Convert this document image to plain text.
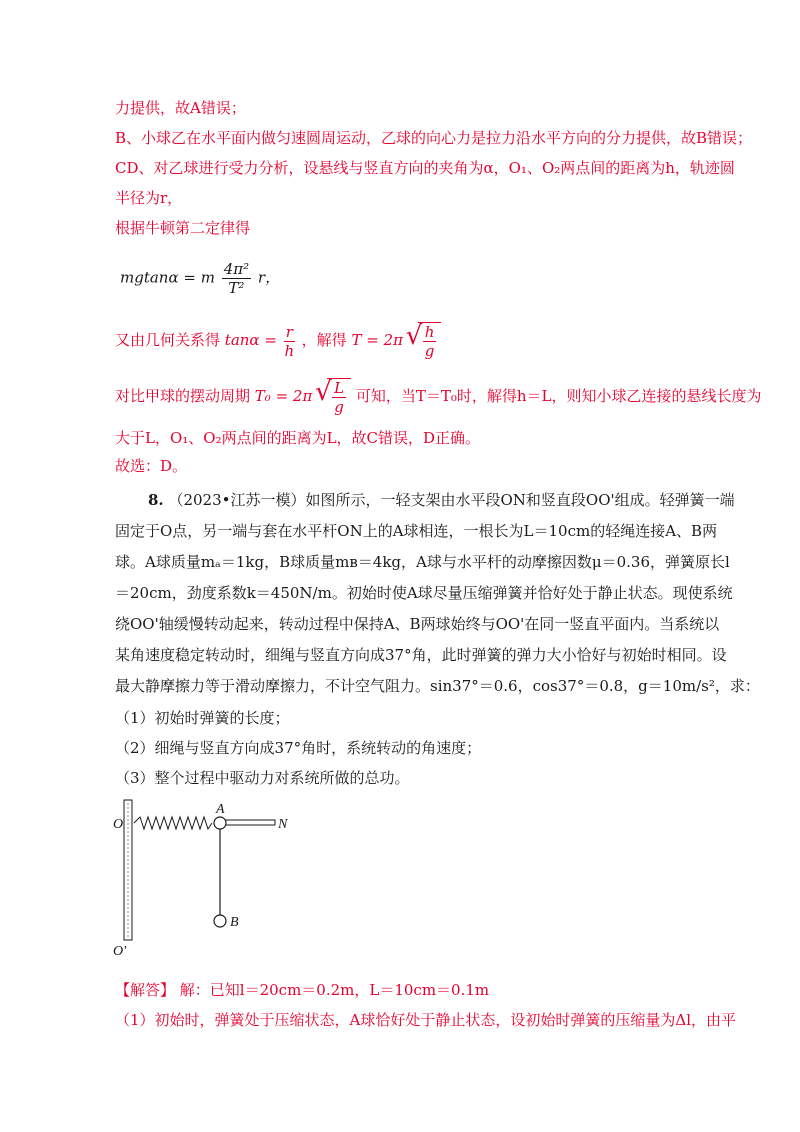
力提供，故A错误；
B、小球乙在水平面内做匀速圆周运动，乙球的向心力是拉力沿水平方向的分力提供，故B错误；
CD、对乙球进行受力分析，设悬线与竖直方向的夹角为α，O₁、O₂两点间的距离为h，轨迹圆
半径为r，
根据牛顿第二定律得
mgtanα = m $\frac{\text{4π²}}{\text{T²}}$ r，
又由几何关系得 $\tan\alpha = \frac{r}{h}$ ，解得 T = 2π √ $\frac{h}{g}$
对比甲球的摆动周期 T₀ = 2π √ $\frac{L}{g}$ 可知，当T＝T₀时，解得h＝L，则知小球乙连接的悬线长度为
大于L，O₁、O₂两点间的距离为L，故C错误，D正确。
故选：D。
8. （2023•江苏一模）如图所示，一轻支架由水平段ON和竖直段OO'组成。轻弹簧一端
固定于O点，另一端与套在水平杆ON上的A球相连，一根长为L＝10cm的轻绳连接A、B两
球。A球质量mₐ＝1kg，B球质量mʙ＝4kg，A球与水平杆的动摩擦因数μ＝0.36，弹簧原长l
＝20cm，劲度系数k＝450N/m。初始时使A球尽量压缩弹簧并恰好处于静止状态。现使系统
绕OO'轴缓慢转动起来，转动过程中保持A、B两球始终与OO'在同一竖直平面内。当系统以
某角速度稳定转动时，细绳与竖直方向成37°角，此时弹簧的弹力大小恰好与初始时相同。设
最大静摩擦力等于滑动摩擦力，不计空气阻力。sin37°＝0.6，cos37°＝0.8，g＝10m/s²，求：
（1）初始时弹簧的长度；
（2）细绳与竖直方向成37°角时，系统转动的角速度；
（3）整个过程中驱动力对系统所做的总功。
O
A
N
B
O'
【解答】 解：已知l＝20cm＝0.2m，L＝10cm＝0.1m
（1）初始时，弹簧处于压缩状态，A球恰好处于静止状态，设初始时弹簧的压缩量为Δl，由平
